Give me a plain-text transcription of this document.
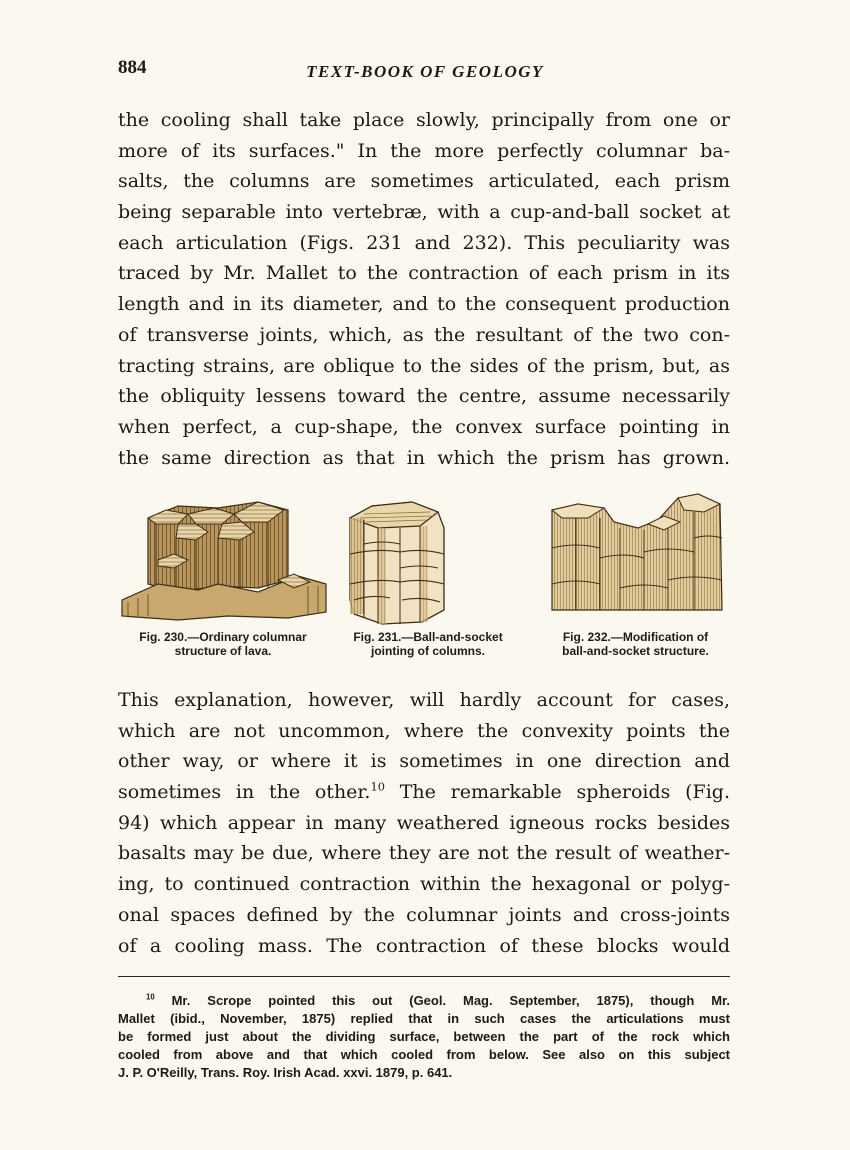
884	TEXT-BOOK OF GEOLOGY
the cooling shall take place slowly, principally from one or
more of its surfaces." In the more perfectly columnar ba-
salts, the columns are sometimes articulated, each prism
being separable into vertebræ, with a cup-and-ball socket at
each articulation (Figs. 231 and 232). This peculiarity was
traced by Mr. Mallet to the contraction of each prism in its
length and in its diameter, and to the consequent production
of transverse joints, which, as the resultant of the two con-
tracting strains, are oblique to the sides of the prism, but, as
the obliquity lessens toward the centre, assume necessarily
when perfect, a cup-shape, the convex surface pointing in
the same direction as that in which the prism has grown.
Fig. 230.—Ordinary columnar
structure of lava.
Fig. 231.—Ball-and-socket
jointing of columns.
Fig. 232.—Modification of
ball-and-socket structure.
This explanation, however, will hardly account for cases,
which are not uncommon, where the convexity points the
other way, or where it is sometimes in one direction and
sometimes in the other.$^{10}$ The remarkable spheroids (Fig.
94) which appear in many weathered igneous rocks besides
basalts may be due, where they are not the result of weather-
ing, to continued contraction within the hexagonal or polyg-
onal spaces defined by the columnar joints and cross-joints
of a cooling mass. The contraction of these blocks would
$^{10}$ Mr. Scrope pointed this out (Geol. Mag. September, 1875), though Mr.
Mallet (ibid., November, 1875) replied that in such cases the articulations must
be formed just about the dividing surface, between the part of the rock which
cooled from above and that which cooled from below. See also on this subject
J. P. O'Reilly, Trans. Roy. Irish Acad. xxvi. 1879, p. 641.
